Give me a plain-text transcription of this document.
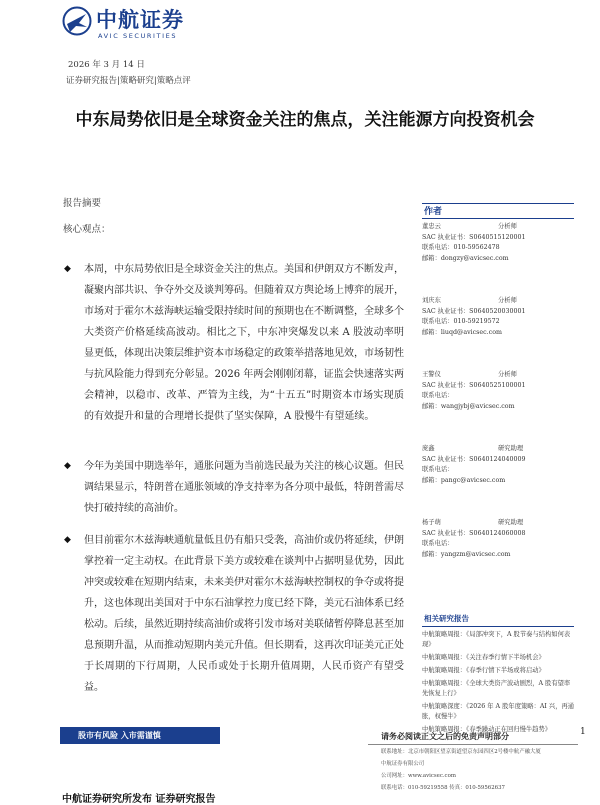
中航证券
AVIC SECURITIES
2026 年 3 月 14 日
证券研究报告|策略研究|策略点评
中东局势依旧是全球资金关注的焦点，关注能源方向投资机会
报告摘要
核心观点：
◆ 本周，中东局势依旧是全球资金关注的焦点。美国和伊朗双方不断发声，凝聚内部共识、争夺外交及谈判筹码。但随着双方舆论场上博弈的展开，市场对于霍尔木兹海峡运输受限持续时间的预期也在不断调整，全球多个大类资产价格延续高波动。相比之下，中东冲突爆发以来 A 股波动率明显更低，体现出决策层维护资本市场稳定的政策举措落地见效，市场韧性与抗风险能力得到充分彰显。2026 年两会刚刚闭幕，证监会快速落实两会精神，以稳市、改革、严管为主线，为“十五五”时期资本市场实现质的有效提升和量的合理增长提供了坚实保障，A 股慢牛有望延续。
◆ 今年为美国中期选举年，通胀问题为当前选民最为关注的核心议题。但民调结果显示，特朗普在通胀领域的净支持率为各分项中最低，特朗普需尽快打破持续的高油价。
◆ 但目前霍尔木兹海峡通航量低且仍有船只受袭，高油价或仍将延续，伊朗掌控着一定主动权。在此背景下美方或较难在谈判中占据明显优势，因此冲突或较难在短期内结束，未来美伊对霍尔木兹海峡控制权的争夺或将提升，这也体现出美国对于中东石油掌控力度已经下降，美元石油体系已经松动。后续，虽然近期持续高油价或将引发市场对美联储暂停降息甚至加息预期升温，从而推动短期内美元升值。但长期看，这再次印证美元正处于长周期的下行周期，人民币或处于长期升值周期，人民币资产有望受益。
作者
董忠云	分析师
SAC 执业证书：S0640515120001
联系电话：010-59562478
邮箱：dongzy@avicsec.com
刘庆东	分析师
SAC 执业证书：S0640520030001
联系电话：010-59219572
邮箱：liuqd@avicsec.com
王警仪	分析师
SAC 执业证书：S0640525100001
联系电话：
邮箱：wangjybj@avicsec.com
庞鑫	研究助理
SAC 执业证书：S0640124040009
联系电话：
邮箱：pangc@avicsec.com
杨子萌	研究助理
SAC 执业证书：S0640124060008
联系电话：
邮箱：yangzm@avicsec.com
相关研究报告
中航策略周报：《局部冲突下，A 股节奏与结构如何表现》
中航策略周报：《关注春季行情下半场机会》
中航策略周报：《春季行情下半场或将启动》
中航策略周报：《全球大类资产波动剧烈，A 股有望率先恢复上行》
中航策略深度：《2026 年 A 股年度策略：AI 兴，再通胀，权慢牛》
中航策略周报：《春季躁动正在回归慢牛趋势》
股市有风险 入市需谨慎	请务必阅读正文之后的免责声明部分	1
联系地址：北京市朝阳区望京街道望京东园四区2号楼中航产融大厦
中航证券有限公司
公司网址：www.avicsec.com
联系电话：010-59219558 传真：010-59562637
中航证券研究所发布 证券研究报告
